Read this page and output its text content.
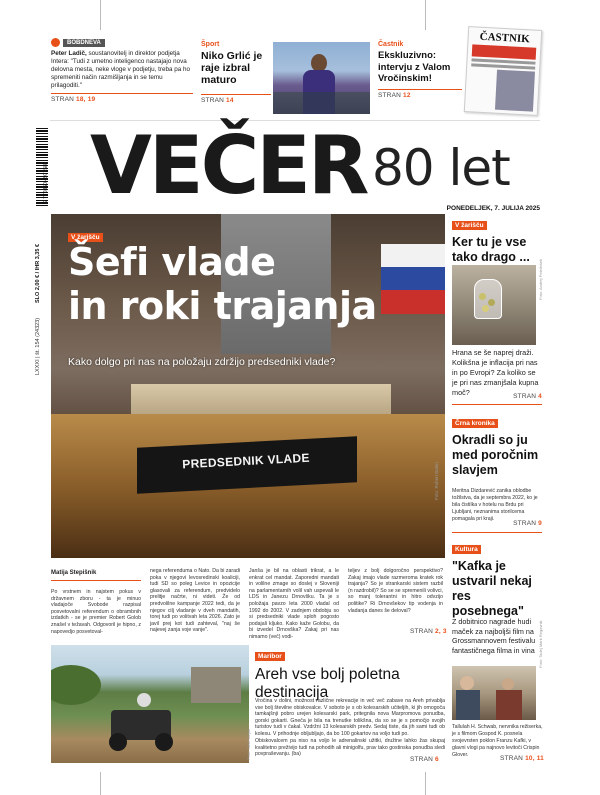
BOBDNEVA
Peter Ladič, soustanovitelj in direktor podjetja Intera: "Tudi z umetno inteligenco nastajajo nova delovna mesta, neke vloge v podjetju, treba pa ho spremeniti način razmišljanja in se temu prilagoditi."
STRAN 18, 19
Šport
Niko Grlić je raje izbral maturo
STRAN 14
Častnik
Ekskluzivno: intervju z Valom Vročinskim!
STRAN 12
ČASTNIK
9 770350 497158
SLO 2,00 € / IHR 3,35 €
LXXXI | št. 154 (24323)
VEČER 80 let
PONEDELJEK, 7. JULIJA 2025
PREDSEDNIK VLADE
V žarišču
Šefi vlade
in roki trajanja
Kako dolgo pri nas na položaju zdržijo predsedniki vlade?
Foto: Robert Balen
Matija Stepišnik

Po vrstnem in najstem pokus v državnem zboru - ta je minuo vladajoče Svobode razpisal posvetovalni referendum o obrambnih izdatkih - se je premier Robert Golob znašel v težavah. Odgovoril je hipno, z napovedjo posvetoval-

nega referenduma o Nato. Da bi zaradi poka v njegovi levosredinski koaliciji, tudi SD so poleg Levice in opozicije glasovali za referendum, predvidelo prelitje načrte, ni videti. Že od predvolilne kampanje 2022 tedi, da je njegov cilj vladanje v dveh mandatih, torej tudi po volitvah leta 2026. Zato je javil prej kot tudi zahteval, "naj še najevej zanja voje vanje".

Janša je bil na oblasti trikrat, a le enkrat cel mandat. Zaporedni mandati in volilne zmage so doslej v Sloveniji na parlamentarnih volil vah uspevali le LDS in Janezu Drnovšku. Ta je s položaja pavzo leta 2000 vladal od 1992 do 2002. V zadnjem obdobju so si predsedniki vlade sploh pogosto podajali kljuko. Kako kaže Golobu, da bi izvedel Drnovška? Zakaj pri nas nimamo (več) vodi-

teljev z bolj dolgoročno perspektivo? Zakaj imajo vlade razmeroma kratek rok trajanja? So je strankarski sistem razbil (n razdrobil)? So se se spremenili volivci, so manj tolerantni in hitro odvzijo politike? Ri Drnovšekov tip vodenja in vladanja danes še deloval?

STRAN 2, 3
V žarišču
Ker tu je vse tako drago ...
Foto: Andrej Petelinšek
Hrana se še naprej draži. Kolikšna je inflacija pri nas in po Evropi? Za koliko se je pri nas zmanjšala kupna moč?	STRAN 4
Črna kronika
Okradli so ju med poročnim slavjem
Meritna Dizdarević zanika oblodbe tožilstva, da je septembra 2022, ko je bila čistilka v hotelu na Brdu pri Ljubljani, neznanima storilcema pomagala pri kraji.
STRAN 9
Kultura
"Kafka je ustvaril nekaj res posebnega"
Z dobitnico nagrade hudi maček za najboljši film na Grossmannovem festivalu fantastičnega filma in vina Foto: Tadej Mark Regovnik
Tallulah H. Schwab, nervnika režiserka, je s filmom Gospod K. posnela svojevrsten poklon Franzu Kafki, v glavni vlogi pa najnovo levitoči Crispin Glover.	STRAN 10, 11
Foto: Sašo Bizjak
Maribor
Areh vse bolj poletna destinacija

Vročina v dolini, možnost različne rekreacije in več več zabave na Areh privablja vse bolj številne obiskovalce. V soboto je s ob kolesarskih učiteljih, ki jih omogoča tamkajšnji pobro urejen kolesarski park, pritegnila nova Marpromova ponudba, gorski gokarti. Gneča je bila na trenutke tolikšna, da so se je s pomočjo svojih turistov tudi v čakal. Vzdržni 13 kolesarskih predv. Sedaj tiste, da jih sami tudi ob kolesu. V prihodnje obljubljajo, da bo 100 gokartov na voljo tudi po.

Obiskovalcem pa niso na voljo le adrenalinski užitki, družine lahko žas skupaj kvalitetno preživijo tudi na pohodih ali minigolfu, prav tako gostinska ponudba sledi povpraševanju. (ba)

STRAN 6
